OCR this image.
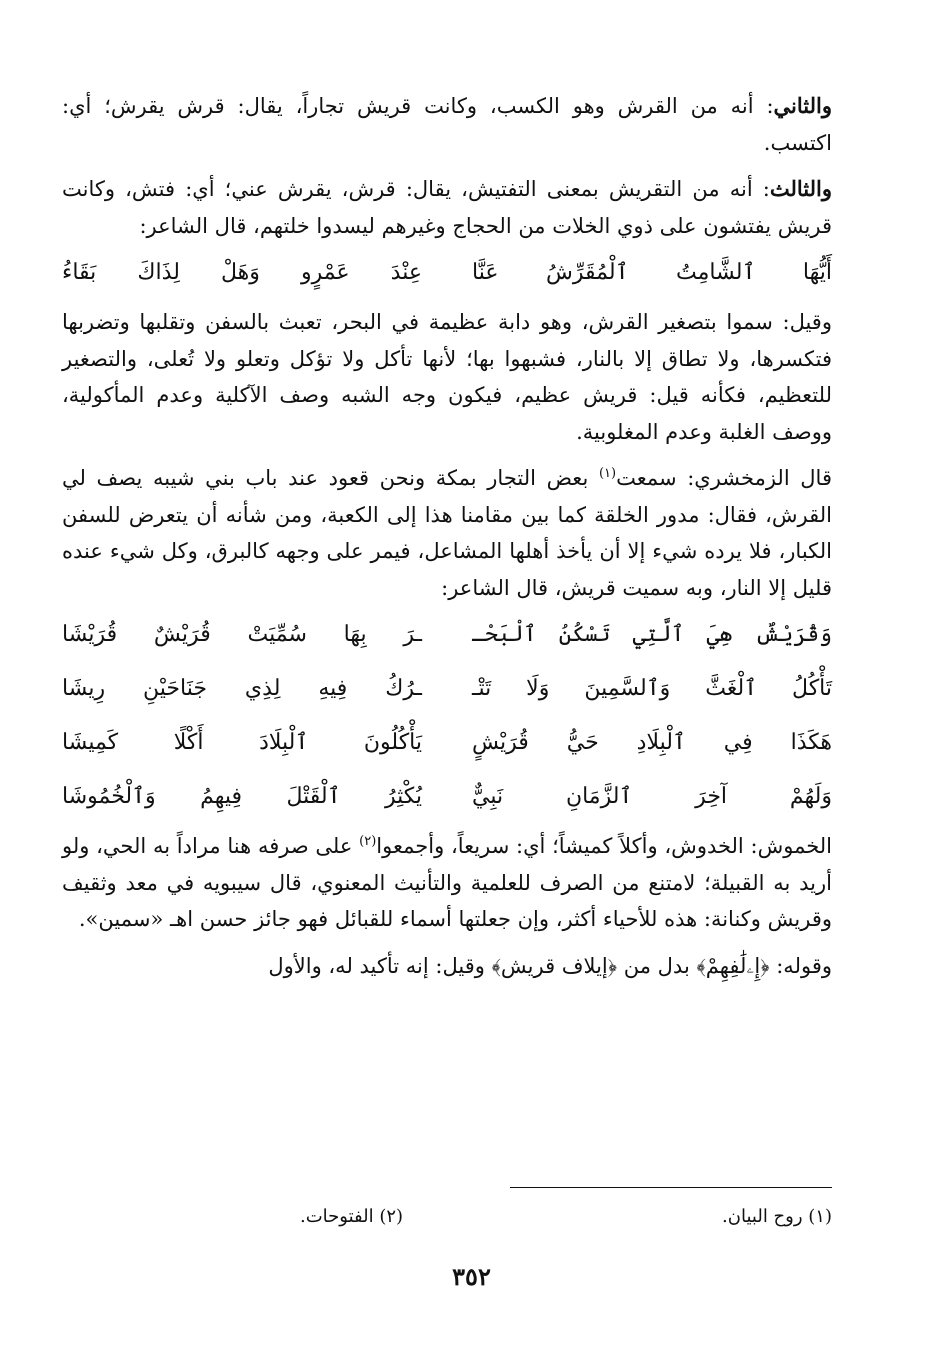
والثاني: أنه من القرش وهو الكسب، وكانت قريش تجاراً، يقال: قرش يقرش؛ أي: اكتسب.

والثالث: أنه من التقريش بمعنى التفتيش، يقال: قرش، يقرش عني؛ أي: فتش، وكانت قريش يفتشون على ذوي الخلات من الحجاج وغيرهم ليسدوا خلتهم، قال الشاعر:

أَيُّهَا ٱلشَّامِتُ ٱلْمُقَرِّشُ عَنَّا
عِنْدَ عَمْرٍو وَهَلْ لِذَاكَ بَقَاءُ

وقيل: سموا بتصغير القرش، وهو دابة عظيمة في البحر، تعبث بالسفن وتقلبها وتضربها فتكسرها، ولا تطاق إلا بالنار، فشبهوا بها؛ لأنها تأكل ولا تؤكل وتعلو ولا تُعلى، والتصغير للتعظيم، فكأنه قيل: قريش عظيم، فيكون وجه الشبه وصف الآكلية وعدم المأكولية، ووصف الغلبة وعدم المغلوبية.

قال الزمخشري: سمعت$^{(١)}$ بعض التجار بمكة ونحن قعود عند باب بني شيبه يصف لي القرش، فقال: مدور الخلقة كما بين مقامنا هذا إلى الكعبة، ومن شأنه أن يتعرض للسفن الكبار، فلا يرده شيء إلا أن يأخذ أهلها المشاعل، فيمر على وجهه كالبرق، وكل شيء عنده قليل إلا النار، وبه سميت قريش، قال الشاعر:

وَقُرَيْشٌ هِيَ ٱلَّتِي تَسْكُنُ ٱلْبَحْـ
ـرَ بِهَا سُمِّيَتْ قُرَيْشٌ قُرَيْشَا
تَأْكُلُ ٱلْغَثَّ وَٱلسَّمِينَ وَلَا تَتْـ
ـرُكُ فِيهِ لِذِي جَنَاحَيْنِ رِيشَا
هَكَذَا فِي ٱلْبِلَادِ حَيُّ قُرَيْشٍ
يَأْكُلُونَ ٱلْبِلَادَ أَكْلًا كَمِيشَا
وَلَهُمْ آخِرَ ٱلزَّمَانِ نَبِيٌّ
يُكْثِرُ ٱلْقَتْلَ فِيهِمُ وَٱلْخُمُوشَا

الخموش: الخدوش، وأكلاً كميشاً؛ أي: سريعاً، وأجمعوا$^{(٢)}$ على صرفه هنا مراداً به الحي، ولو أريد به القبيلة؛ لامتنع من الصرف للعلمية والتأنيث المعنوي، قال سيبويه في معد وثقيف وقريش وكنانة: هذه للأحياء أكثر، وإن جعلتها أسماء للقبائل فهو جائز حسن اهـ «سمين».

وقوله: ﴿إِۦلَٰفِهِمْ﴾ بدل من ﴿إيلاف قريش﴾ وقيل: إنه تأكيد له، والأول

(١) روح البيان.
(٢) الفتوحات.
٣٥٢
